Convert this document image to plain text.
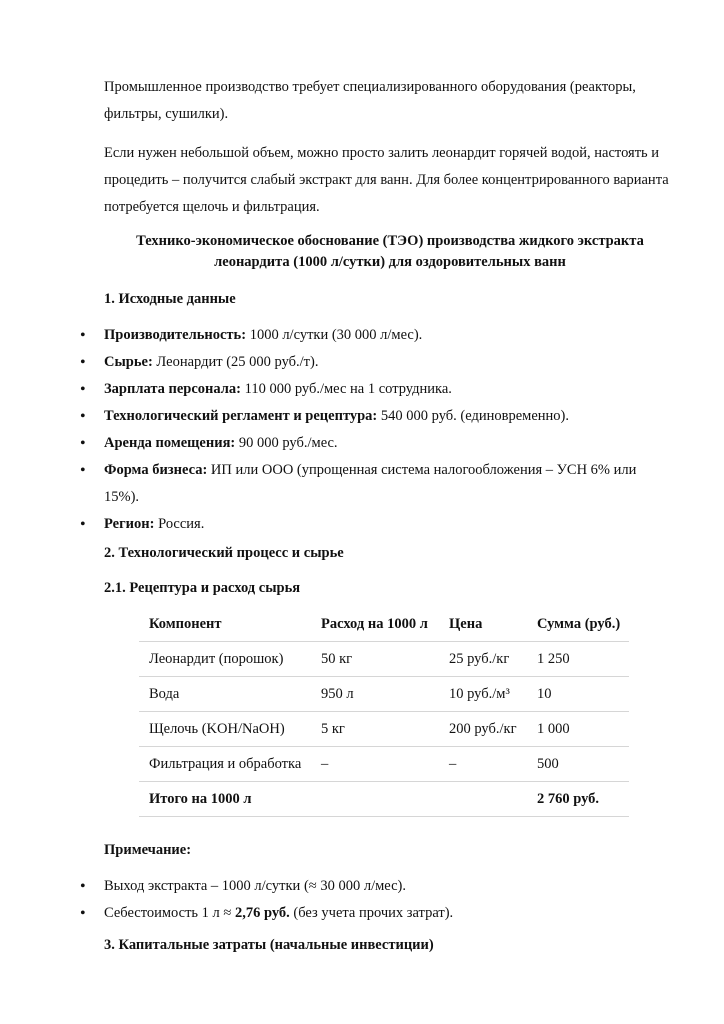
Промышленное производство требует специализированного оборудования (реакторы, фильтры, сушилки).

Если нужен небольшой объем, можно просто залить леонардит горячей водой, настоять и процедить – получится слабый экстракт для ванн. Для более концентрированного варианта потребуется щелочь и фильтрация.

Технико-экономическое обоснование (ТЭО) производства жидкого экстракта

леонардита (1000 л/сутки) для оздоровительных ванн

1. Исходные данные

• Производительность: 1000 л/сутки (30 000 л/мес).
• Сырье: Леонардит (25 000 руб./т).
• Зарплата персонала: 110 000 руб./мес на 1 сотрудника.
• Технологический регламент и рецептура: 540 000 руб. (единовременно).
• Аренда помещения: 90 000 руб./мес.
• Форма бизнеса: ИП или ООО (упрощенная система налогообложения – УСН 6% или
15%).
• Регион: Россия.

2. Технологический процесс и сырье

2.1. Рецептура и расход сырья

Компонент	Расход на 1000 л	Цена	Сумма (руб.)
Леонардит (порошок)	50 кг	25 руб./кг	1 250
Вода	950 л	10 руб./м³	10
Щелочь (KOH/NaOH)	5 кг	200 руб./кг	1 000
Фильтрация и обработка	–	–	500
Итого на 1000 л			2 760 руб.

Примечание:

• Выход экстракта – 1000 л/сутки (≈ 30 000 л/мес).
• Себестоимость 1 л ≈ 2,76 руб. (без учета прочих затрат).

3. Капитальные затраты (начальные инвестиции)
